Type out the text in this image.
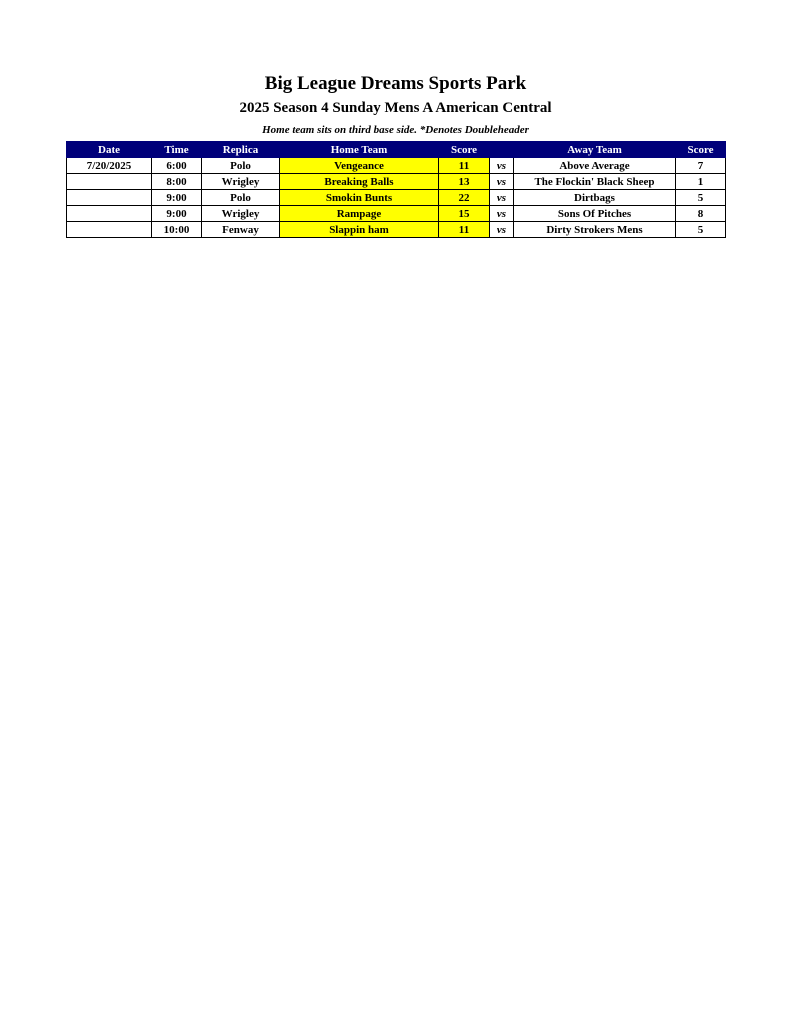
Big League Dreams Sports Park
2025 Season 4 Sunday Mens A American Central
Home team sits on third base side. *Denotes Doubleheader
Date	Time	Replica	Home Team	Score		Away Team	Score
7/20/2025	6:00	Polo	Vengeance	11	vs	Above Average	7
	8:00	Wrigley	Breaking Balls	13	vs	The Flockin' Black Sheep	1
	9:00	Polo	Smokin Bunts	22	vs	Dirtbags	5
	9:00	Wrigley	Rampage	15	vs	Sons Of Pitches	8
	10:00	Fenway	Slappin ham	11	vs	Dirty Strokers Mens	5
